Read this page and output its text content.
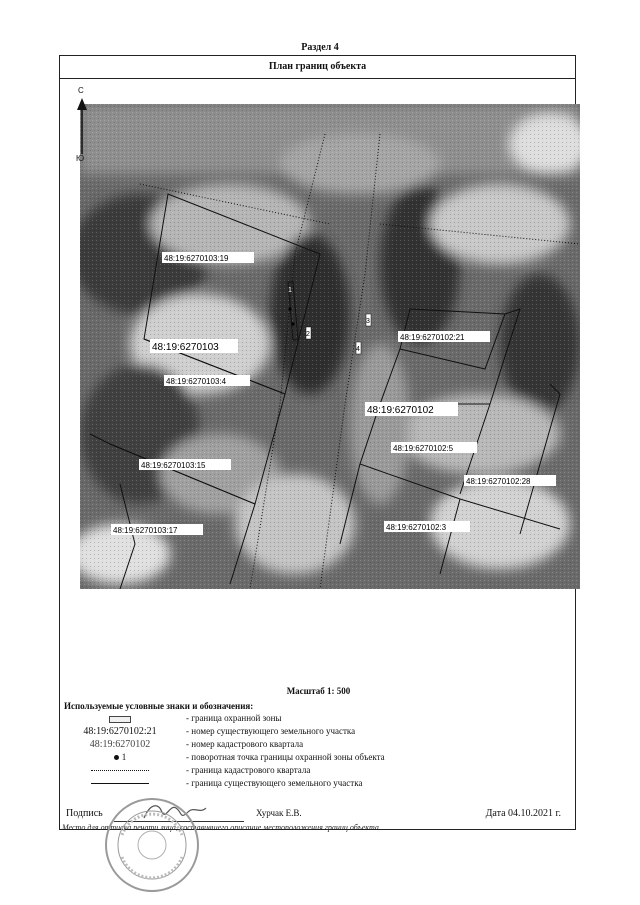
Раздел 4
План границ объекта
1
2
3
4
48:19:6270103:19
48:19:6270103
48:19:6270103:4
48:19:6270103:15
48:19:6270103:17
48:19:6270102:21
48:19:6270102
48:19:6270102:5
48:19:6270102:28
48:19:6270102:3
С
Ю
Масштаб 1: 500
Используемые условные знаки и обозначения:
- граница охранной зоны
48:19:6270102:21	- номер существующего земельного участка
48:19:6270102	- номер кадастрового квартала
1	- поворотная точка границы охранной зоны объекта
- граница кадастрового квартала
- граница существующего земельного участка
Подпись	Хурчак Е.В.	Дата 04.10.2021 г.
Место для оттиска печати лица, составившего описание местоположения границ объекта
